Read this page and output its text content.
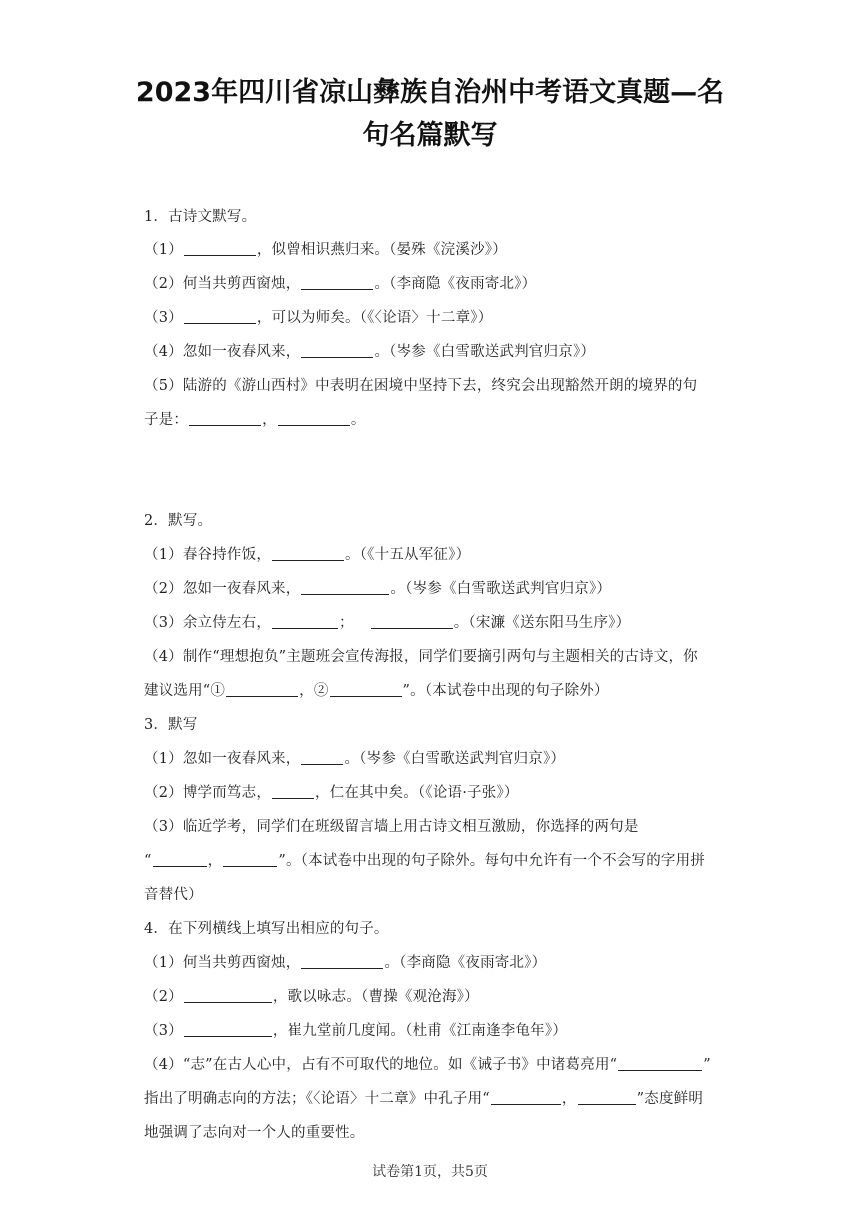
2023年四川省凉山彝族自治州中考语文真题—名
句名篇默写
1．古诗文默写。
（1）	，似曾相识燕归来。（晏殊《浣溪沙》）
（2）何当共剪西窗烛，	。（李商隐《夜雨寄北》）
（3）	，可以为师矣。（《〈论语〉十二章》）
（4）忽如一夜春风来，	。（岑参《白雪歌送武判官归京》）
（5）陆游的《游山西村》中表明在困境中坚持下去，终究会出现豁然开朗的境界的句
子是：	，	。
2．默写。
（1）春谷持作饭，	。（《十五从军征》）
（2）忽如一夜春风来，	。（岑参《白雪歌送武判官归京》）
（3）余立侍左右，	；	。（宋濂《送东阳马生序》）
（4）制作“理想抱负”主题班会宣传海报，同学们要摘引两句与主题相关的古诗文，你
建议选用“①	，②	”。（本试卷中出现的句子除外）
3．默写
（1）忽如一夜春风来，	。（岑参《白雪歌送武判官归京》）
（2）博学而笃志，	，仁在其中矣。（《论语·子张》）
（3）临近学考，同学们在班级留言墙上用古诗文相互激励，你选择的两句是
“	，	”。（本试卷中出现的句子除外。每句中允许有一个不会写的字用拼
音替代）
4．在下列横线上填写出相应的句子。
（1）何当共剪西窗烛，	。（李商隐《夜雨寄北》）
（2）	，歌以咏志。（曹操《观沧海》）
（3）	，崔九堂前几度闻。（杜甫《江南逢李龟年》）
（4）“志”在古人心中，占有不可取代的地位。如《诫子书》中诸葛亮用“	”
指出了明确志向的方法；《〈论语〉十二章》中孔子用“	，	”态度鲜明
地强调了志向对一个人的重要性。
试卷第1页，共5页
